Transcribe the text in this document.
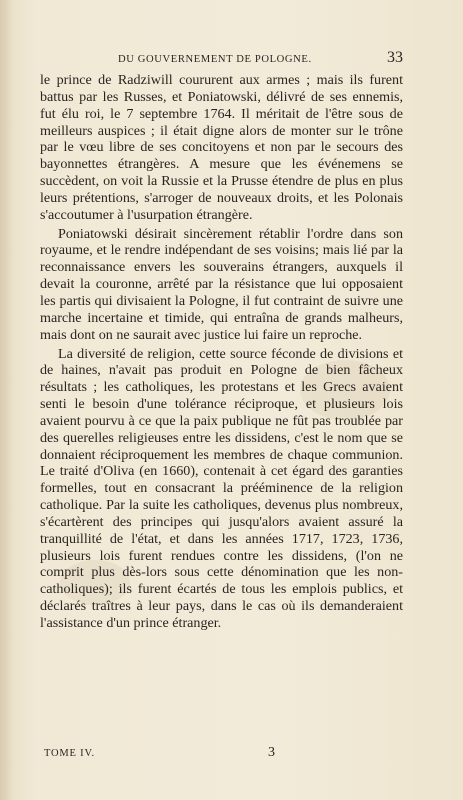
DU GOUVERNEMENT DE POLOGNE.	33

le prince de Radziwill coururent aux armes ; mais ils furent battus par les Russes, et Poniatowski, délivré de ses ennemis, fut élu roi, le 7 septembre 1764. Il méritait de l'être sous de meilleurs auspices ; il était digne alors de monter sur le trône par le vœu libre de ses concitoyens et non par le secours des bayonnettes étrangères. A mesure que les événemens se succèdent, on voit la Russie et la Prusse étendre de plus en plus leurs prétentions, s'arroger de nouveaux droits, et les Polonais s'accoutumer à l'usurpation étrangère.

Poniatowski désirait sincèrement rétablir l'ordre dans son royaume, et le rendre indépendant de ses voisins; mais lié par la reconnaissance envers les souverains étrangers, auxquels il devait la couronne, arrêté par la résistance que lui opposaient les partis qui divisaient la Pologne, il fut contraint de suivre une marche incertaine et timide, qui entraîna de grands malheurs, mais dont on ne saurait avec justice lui faire un reproche.

La diversité de religion, cette source féconde de divisions et de haines, n'avait pas produit en Pologne de bien fâcheux résultats ; les catholiques, les protestans et les Grecs avaient senti le besoin d'une tolérance réciproque, et plusieurs lois avaient pourvu à ce que la paix publique ne fût pas troublée par des querelles religieuses entre les dissidens, c'est le nom que se donnaient réciproquement les membres de chaque communion. Le traité d'Oliva (en 1660), contenait à cet égard des garanties formelles, tout en consacrant la prééminence de la religion catholique. Par la suite les catholiques, devenus plus nombreux, s'écartèrent des principes qui jusqu'alors avaient assuré la tranquillité de l'état, et dans les années 1717, 1723, 1736, plusieurs lois furent rendues contre les dissidens, (l'on ne comprit plus dès-lors sous cette dénomination que les non-catholiques); ils furent écartés de tous les emplois publics, et déclarés traîtres à leur pays, dans le cas où ils demanderaient l'assistance d'un prince étranger.

TOME IV.	3
